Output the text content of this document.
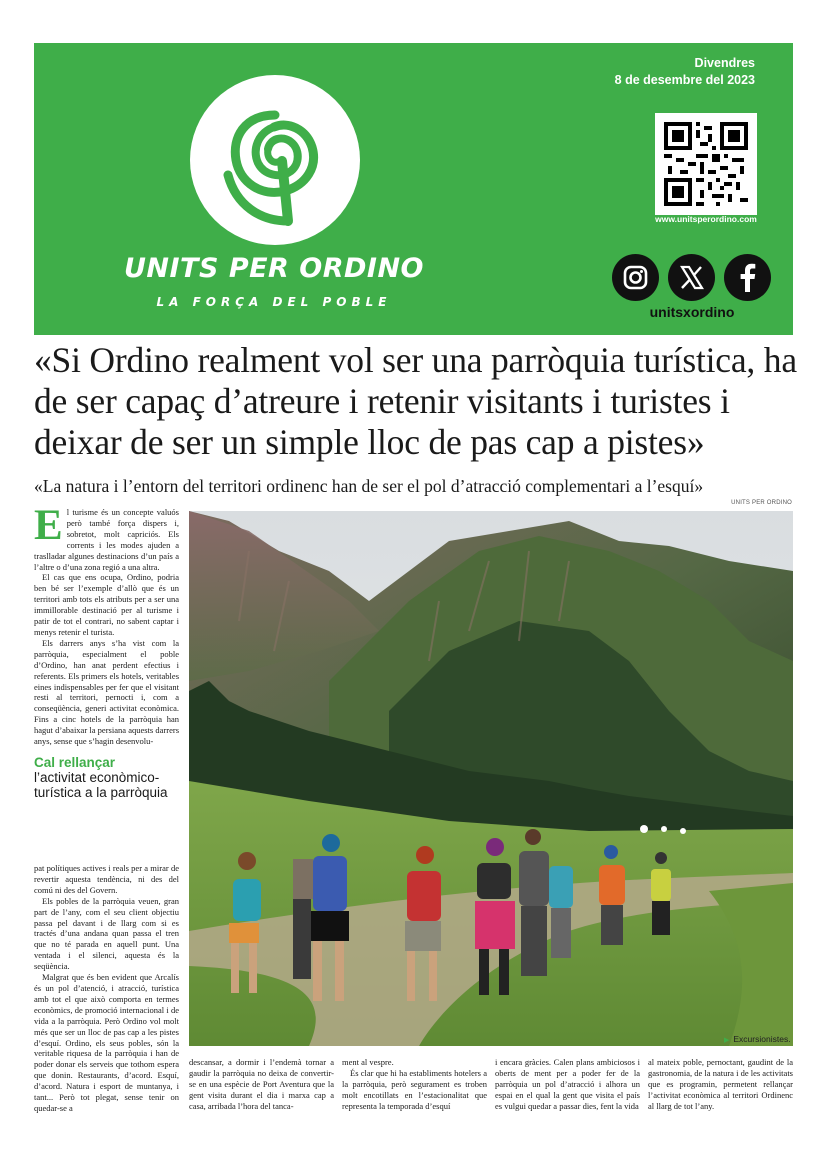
UNITS PER ORDINO
LA FORÇA DEL POBLE
Divendres
8 de desembre del 2023
www.unitsperordino.com
unitsxordino
«Si Ordino realment vol ser una parròquia turística, ha de ser capaç d’atreure i retenir visitants i turistes i deixar de ser un simple lloc de pas cap a pistes»
«La natura i l’entorn del territori ordinenc han de ser el pol d’atracció complementari a l’esquí»
UNITS PER ORDINO
▶ Excursionistes.
E l turisme és un concepte valuós però també força dispers i, sobretot, molt capriciós. Els corrents i les modes ajuden a traslladar algunes destinacions d’un país a l’altre o d’una zona regió a una altra.

El cas que ens ocupa, Ordino, podria ben bé ser l’exemple d’allò que és un territori amb tots els atributs per a ser una immillorable destinació per al turisme i patir de tot el contrari, no sabent captar i menys retenir el turista.

Els darrers anys s’ha vist com la parròquia, especialment el poble d’Ordino, han anat perdent efectius i referents. Els primers els hotels, veritables eines indispensables per fer que el visitant resti al territori, pernocti i, com a conseqüència, generi activitat econòmica. Fins a cinc hotels de la parròquia han hagut d’abaixar la persiana aquests darrers anys, sense que s’hagin desenvolu-

Cal rellançar
l’activitat econòmico-turística a la parròquia

pat polítiques actives i reals per a mirar de revertir aquesta tendència, ni des del comú ni des del Govern.

Els pobles de la parròquia veuen, gran part de l’any, com el seu client objectiu passa pel davant i de llarg com si es tractés d’una andana quan passa el tren que no té parada en aquell punt. Una ventada i el silenci, aquesta és la seqüència.

Malgrat que és ben evident que Arcalís és un pol d’atenció, i atracció, turística amb tot el que això comporta en termes econòmics, de promoció internacional i de vida a la parròquia. Però Ordino vol molt més que ser un lloc de pas cap a les pistes d’esquí. Ordino, els seus pobles, són la veritable riquesa de la parròquia i han de poder donar els serveis que tothom espera que donin. Restaurants, d’acord. Esquí, d’acord. Natura i esport de muntanya, i tant... Però tot plegat, sense tenir on quedar-se a

descansar, a dormir i l’endemà tornar a gaudir la parròquia no deixa de convertir-se en una espècie de Port Aventura que la gent visita durant el dia i marxa cap a casa, arribada l’hora del tanca-

ment al vespre.

És clar que hi ha establiments hotelers a la parròquia, però segurament es troben molt encotillats en l’estacionalitat que representa la temporada d’esquí

i encara gràcies. Calen plans ambiciosos i oberts de ment per a poder fer de la parròquia un pol d’atracció i alhora un espai en el qual la gent que visita el país es vulgui quedar a passar dies, fent la vida

al mateix poble, pernoctant, gaudint de la gastronomia, de la natura i de les activitats que es programin, permetent rellançar l’activitat econòmica al territori Ordinenc al llarg de tot l’any.
